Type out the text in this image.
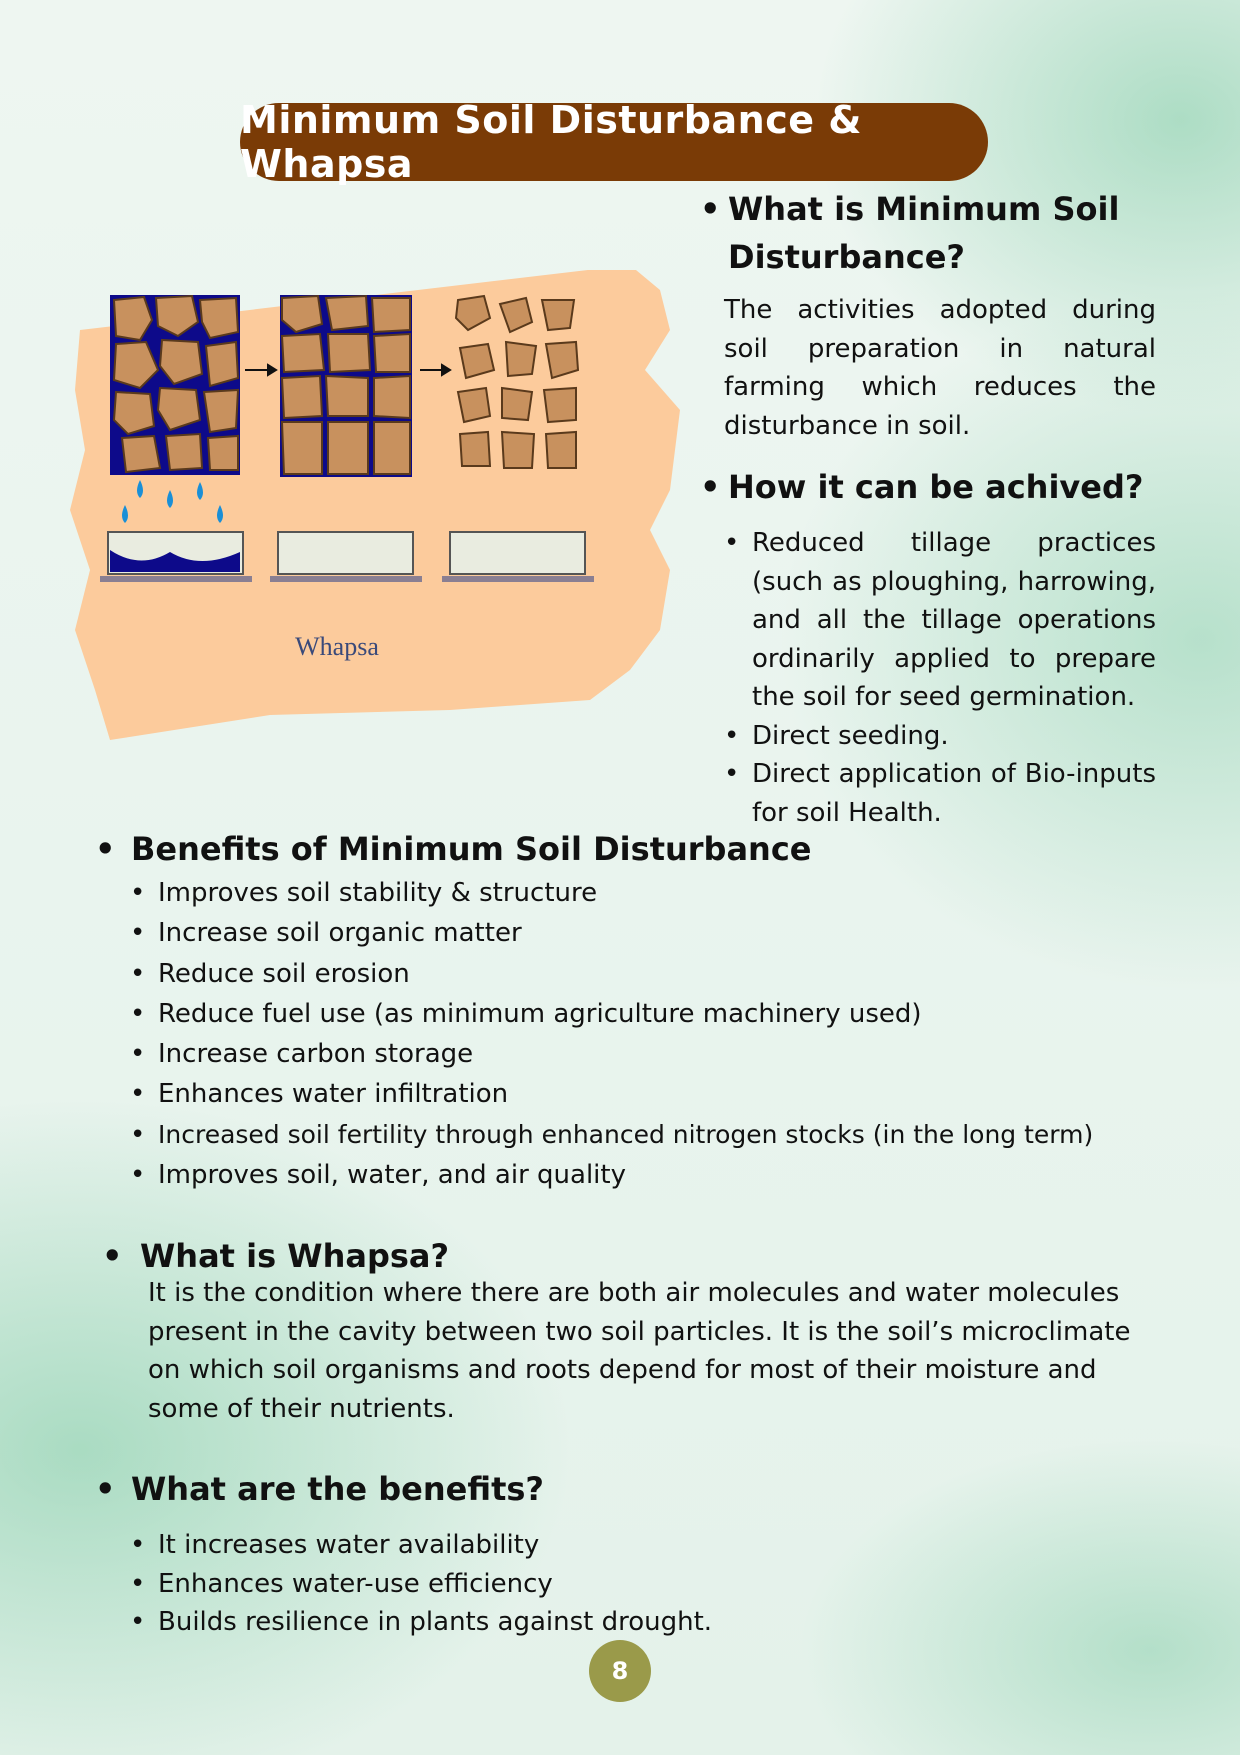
Minimum Soil Disturbance & Whapsa
Whapsa
• What is Minimum Soil Disturbance?
The activities adopted during soil preparation in natural farming which reduces the disturbance in soil.
• How it can be achived?
• Reduced tillage practices (such as ploughing, harrowing, and all the tillage operations ordinarily applied to prepare the soil for seed germination.
• Direct seeding.
• Direct application of Bio-inputs for soil Health.
• Benefits of Minimum Soil Disturbance
• Improves soil stability & structure
• Increase soil organic matter
• Reduce soil erosion
• Reduce fuel use (as minimum agriculture machinery used)
• Increase carbon storage
• Enhances water infiltration
• Increased soil fertility through enhanced nitrogen stocks (in the long term)
• Improves soil, water, and air quality
• What is Whapsa?
It is the condition where there are both air molecules and water molecules present in the cavity between two soil particles. It is the soil’s microclimate on which soil organisms and roots depend for most of their moisture and some of their nutrients.
• What are the benefits?
• It increases water availability
• Enhances water-use efficiency
• Builds resilience in plants against drought.
8
